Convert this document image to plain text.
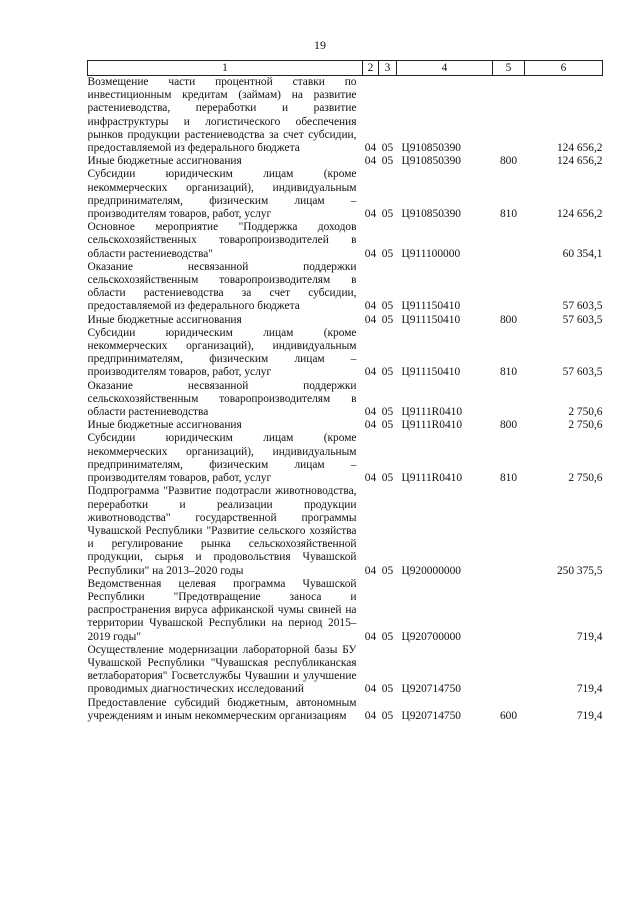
19
1	2	3	4	5	6
Возмещение части процентной ставки по инвестиционным кредитам (займам) на развитие растениеводства, переработки и развитие инфраструктуры и логистического обеспечения рынков продукции растениеводства за счет субсидии, предоставляемой из федерального бюджета	04	05	Ц910850390		124 656,2
Иные бюджетные ассигнования	04	05	Ц910850390	800	124 656,2
Субсидии юридическим лицам (кроме некоммерческих организаций), индивидуальным предпринимателям, физическим лицам – производителям товаров, работ, услуг	04	05	Ц910850390	810	124 656,2
Основное мероприятие "Поддержка доходов сельскохозяйственных товаропроизводителей в области растениеводства"	04	05	Ц911100000		60 354,1
Оказание несвязанной поддержки сельскохозяйственным товаропроизводителям в области растениеводства за счет субсидии, предоставляемой из федерального бюджета	04	05	Ц911150410		57 603,5
Иные бюджетные ассигнования	04	05	Ц911150410	800	57 603,5
Субсидии юридическим лицам (кроме некоммерческих организаций), индивидуальным предпринимателям, физическим лицам – производителям товаров, работ, услуг	04	05	Ц911150410	810	57 603,5
Оказание несвязанной поддержки сельскохозяйственным товаропроизводителям в области растениеводства	04	05	Ц9111R0410		2 750,6
Иные бюджетные ассигнования	04	05	Ц9111R0410	800	2 750,6
Субсидии юридическим лицам (кроме некоммерческих организаций), индивидуальным предпринимателям, физическим лицам – производителям товаров, работ, услуг	04	05	Ц9111R0410	810	2 750,6
Подпрограмма "Развитие подотрасли животноводства, переработки и реализации продукции животноводства" государственной программы Чувашской Республики "Развитие сельского хозяйства и регулирование рынка сельскохозяйственной продукции, сырья и продовольствия Чувашской Республики" на 2013–2020 годы	04	05	Ц920000000		250 375,5
Ведомственная целевая программа Чувашской Республики "Предотвращение заноса и распространения вируса африканской чумы свиней на территории Чувашской Республики на период 2015–2019 годы"	04	05	Ц920700000		719,4
Осуществление модернизации лабораторной базы БУ Чувашской Республики "Чувашская республиканская ветлаборатория" Госветслужбы Чувашии и улучшение проводимых диагностических исследований	04	05	Ц920714750		719,4
Предоставление субсидий бюджетным, автономным учреждениям и иным некоммерческим организациям	04	05	Ц920714750	600	719,4
